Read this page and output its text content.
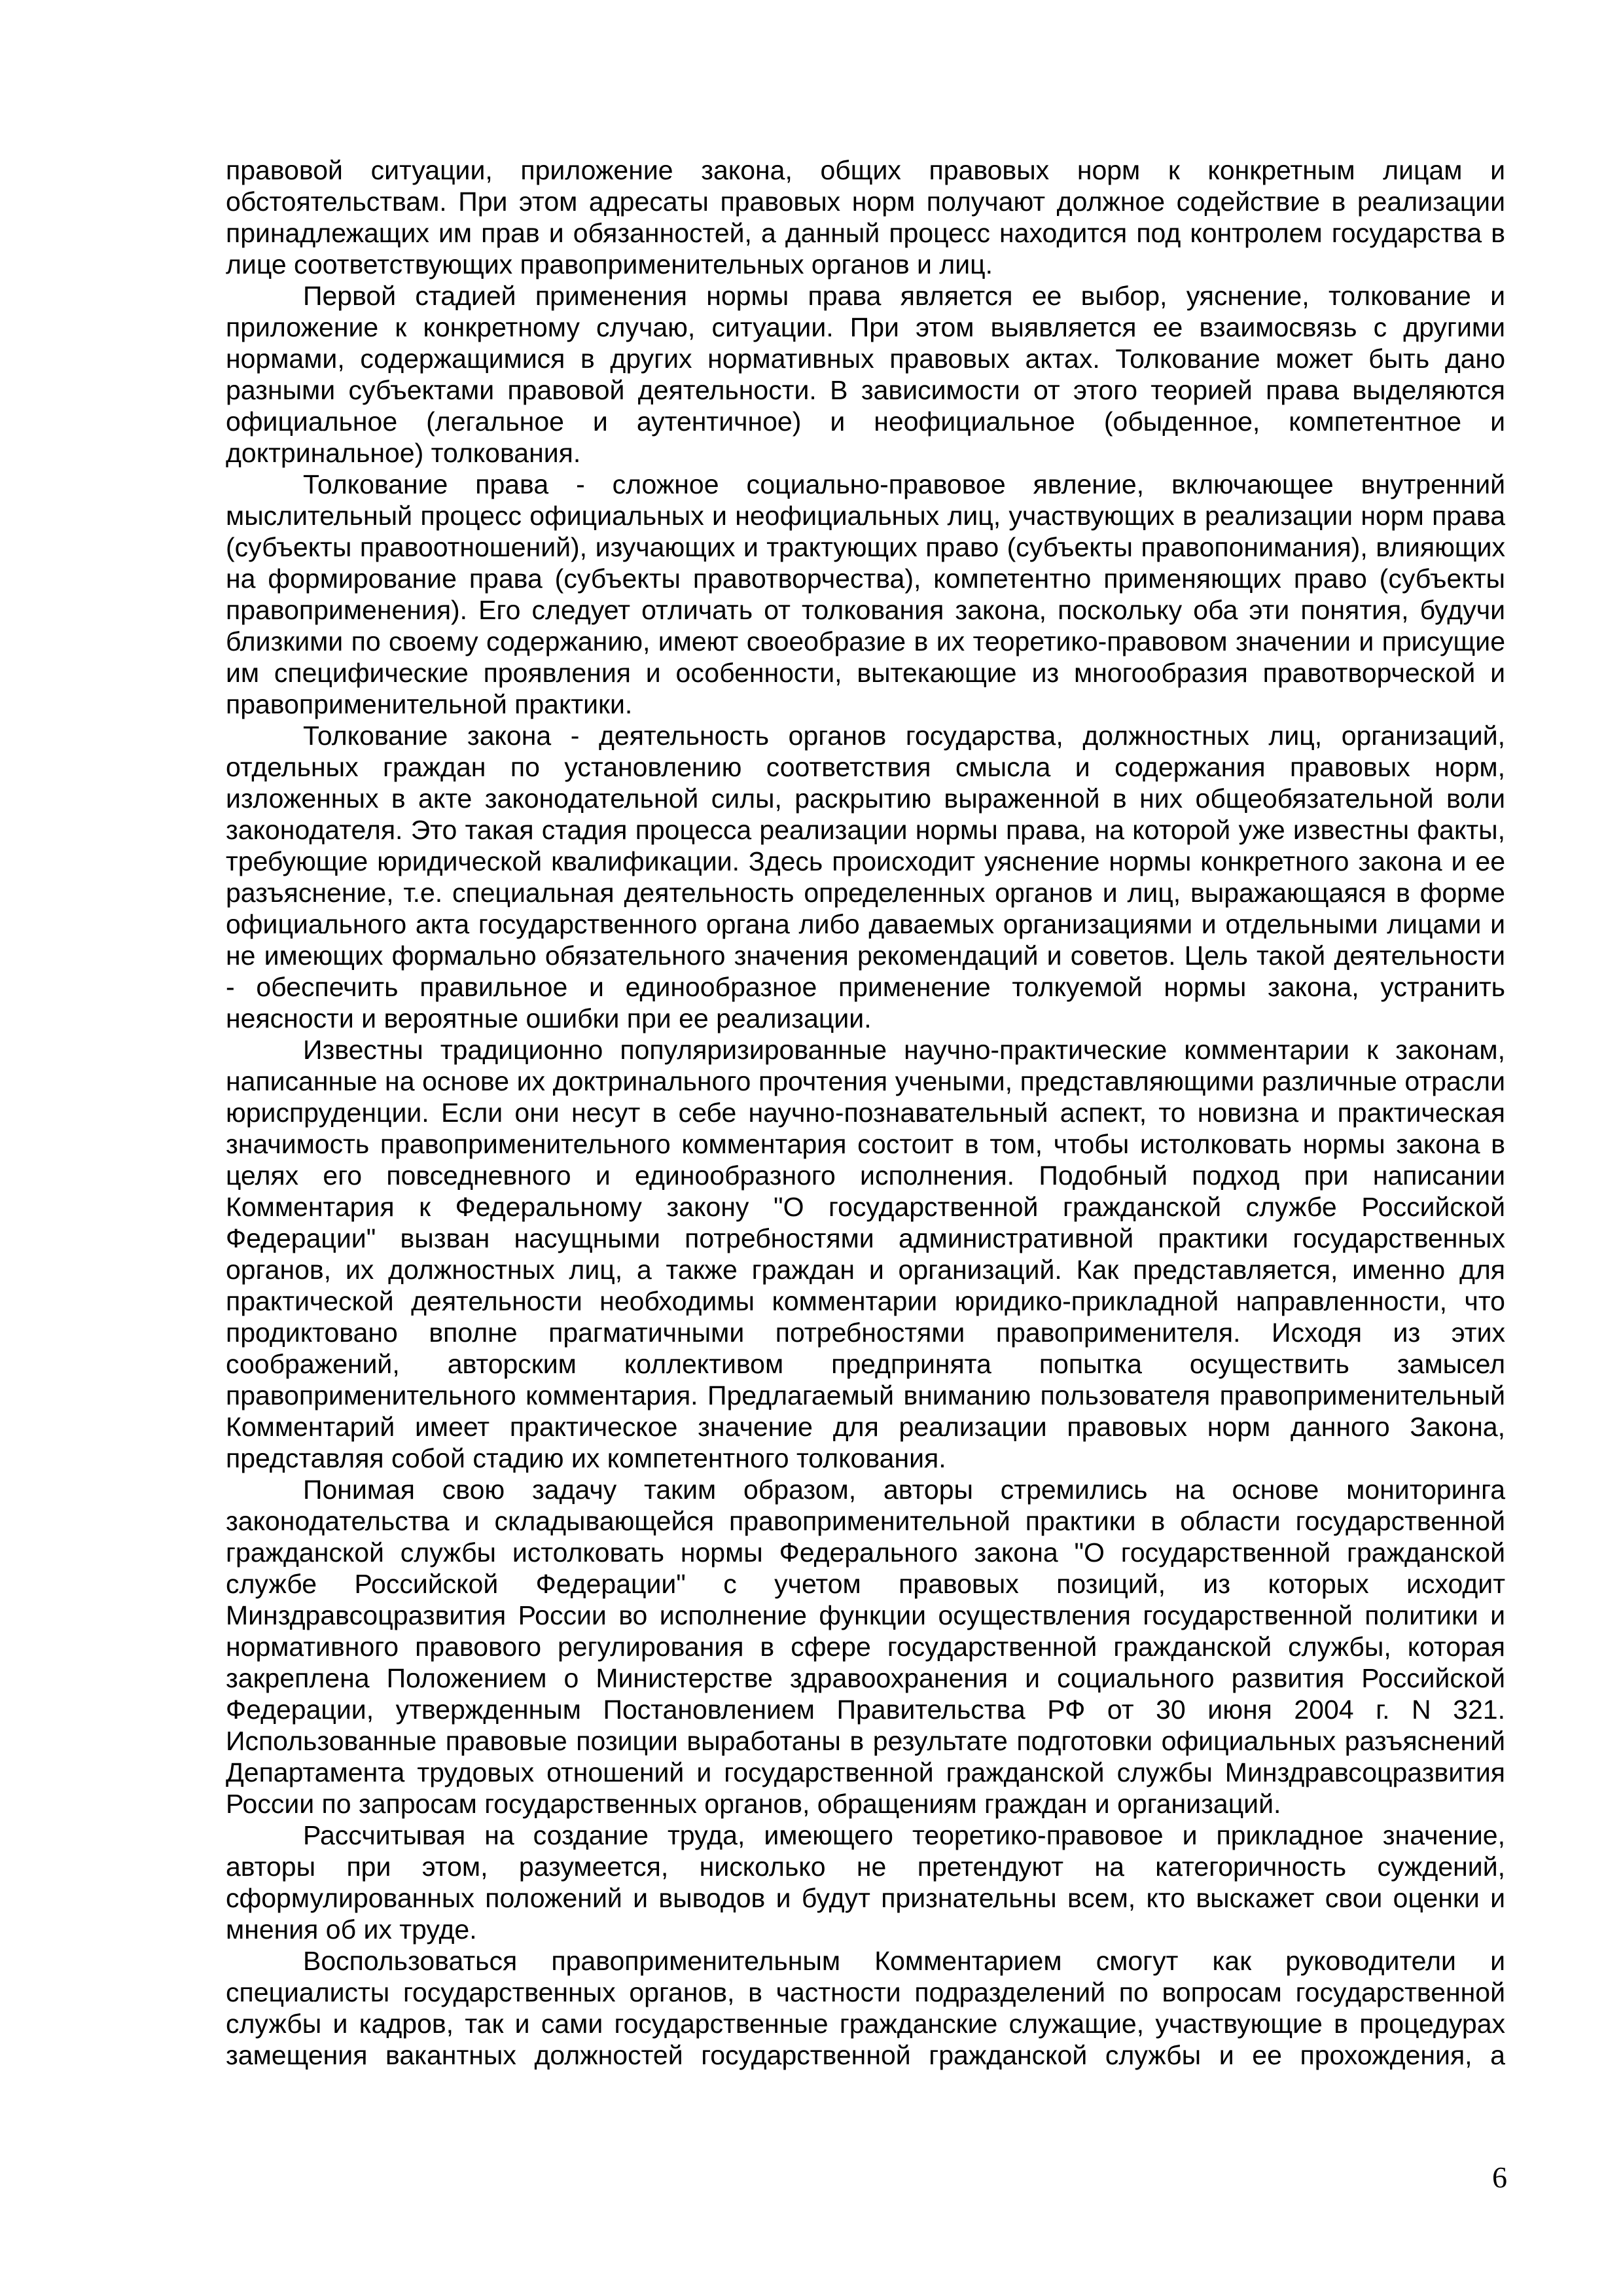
правовой ситуации, приложение закона, общих правовых норм к конкретным лицам и обстоятельствам. При этом адресаты правовых норм получают должное содействие в реализации принадлежащих им прав и обязанностей, а данный процесс находится под контролем государства в лице соответствующих правоприменительных органов и лиц.

Первой стадией применения нормы права является ее выбор, уяснение, толкование и приложение к конкретному случаю, ситуации. При этом выявляется ее взаимосвязь с другими нормами, содержащимися в других нормативных правовых актах. Толкование может быть дано разными субъектами правовой деятельности. В зависимости от этого теорией права выделяются официальное (легальное и аутентичное) и неофициальное (обыденное, компетентное и доктринальное) толкования.

Толкование права - сложное социально-правовое явление, включающее внутренний мыслительный процесс официальных и неофициальных лиц, участвующих в реализации норм права (субъекты правоотношений), изучающих и трактующих право (субъекты правопонимания), влияющих на формирование права (субъекты правотворчества), компетентно применяющих право (субъекты правоприменения). Его следует отличать от толкования закона, поскольку оба эти понятия, будучи близкими по своему содержанию, имеют своеобразие в их теоретико-правовом значении и присущие им специфические проявления и особенности, вытекающие из многообразия правотворческой и правоприменительной практики.

Толкование закона - деятельность органов государства, должностных лиц, организаций, отдельных граждан по установлению соответствия смысла и содержания правовых норм, изложенных в акте законодательной силы, раскрытию выраженной в них общеобязательной воли законодателя. Это такая стадия процесса реализации нормы права, на которой уже известны факты, требующие юридической квалификации. Здесь происходит уяснение нормы конкретного закона и ее разъяснение, т.е. специальная деятельность определенных органов и лиц, выражающаяся в форме официального акта государственного органа либо даваемых организациями и отдельными лицами и не имеющих формально обязательного значения рекомендаций и советов. Цель такой деятельности - обеспечить правильное и единообразное применение толкуемой нормы закона, устранить неясности и вероятные ошибки при ее реализации.

Известны традиционно популяризированные научно-практические комментарии к законам, написанные на основе их доктринального прочтения учеными, представляющими различные отрасли юриспруденции. Если они несут в себе научно-познавательный аспект, то новизна и практическая значимость правоприменительного комментария состоит в том, чтобы истолковать нормы закона в целях его повседневного и единообразного исполнения. Подобный подход при написании Комментария к Федеральному закону "О государственной гражданской службе Российской Федерации" вызван насущными потребностями административной практики государственных органов, их должностных лиц, а также граждан и организаций. Как представляется, именно для практической деятельности необходимы комментарии юридико-прикладной направленности, что продиктовано вполне прагматичными потребностями правоприменителя. Исходя из этих соображений, авторским коллективом предпринята попытка осуществить замысел правоприменительного комментария. Предлагаемый вниманию пользователя правоприменительный Комментарий имеет практическое значение для реализации правовых норм данного Закона, представляя собой стадию их компетентного толкования.

Понимая свою задачу таким образом, авторы стремились на основе мониторинга законодательства и складывающейся правоприменительной практики в области государственной гражданской службы истолковать нормы Федерального закона "О государственной гражданской службе Российской Федерации" с учетом правовых позиций, из которых исходит Минздравсоцразвития России во исполнение функции осуществления государственной политики и нормативного правового регулирования в сфере государственной гражданской службы, которая закреплена Положением о Министерстве здравоохранения и социального развития Российской Федерации, утвержденным Постановлением Правительства РФ от 30 июня 2004 г. N 321. Использованные правовые позиции выработаны в результате подготовки официальных разъяснений Департамента трудовых отношений и государственной гражданской службы Минздравсоцразвития России по запросам государственных органов, обращениям граждан и организаций.

Рассчитывая на создание труда, имеющего теоретико-правовое и прикладное значение, авторы при этом, разумеется, нисколько не претендуют на категоричность суждений, сформулированных положений и выводов и будут признательны всем, кто выскажет свои оценки и мнения об их труде.

Воспользоваться правоприменительным Комментарием смогут как руководители и специалисты государственных органов, в частности подразделений по вопросам государственной службы и кадров, так и сами государственные гражданские служащие, участвующие в процедурах замещения вакантных должностей государственной гражданской службы и ее прохождения, а

6
